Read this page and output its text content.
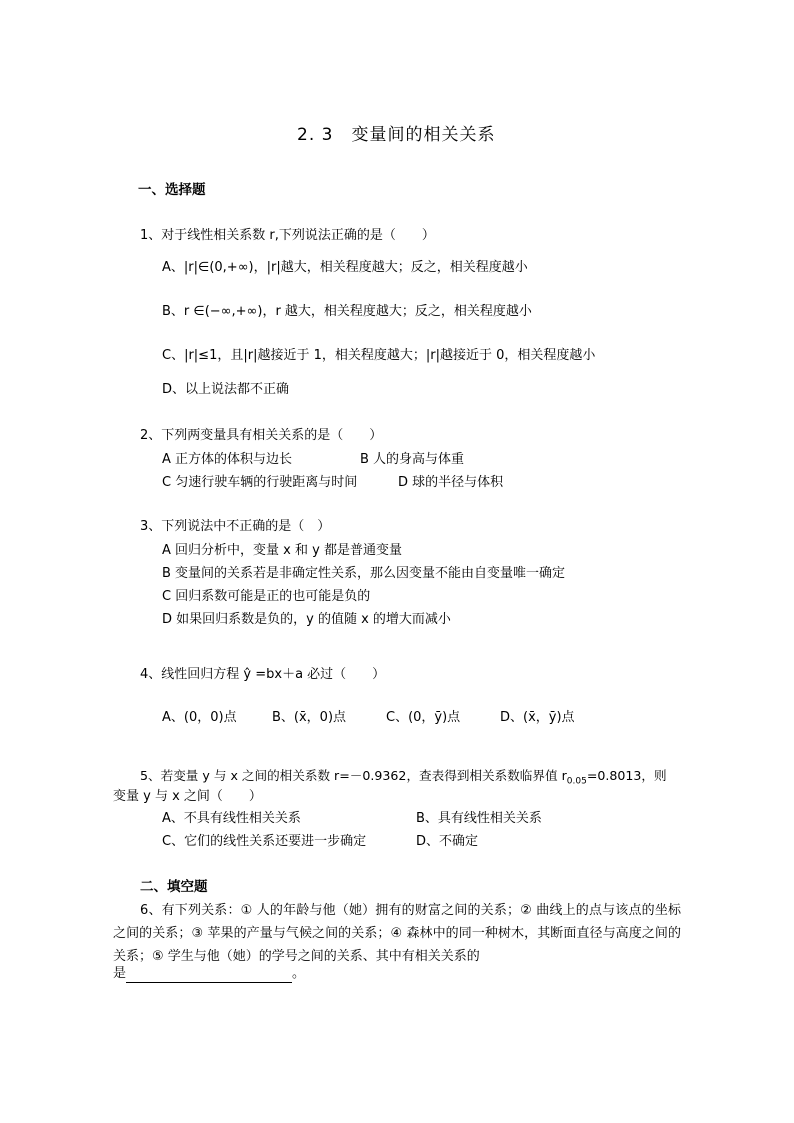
2. 3　变量间的相关关系
一、选择题
1、对于线性相关系数 r,下列说法正确的是（　　）
A、|r|∈(0,+∞)，|r|越大，相关程度越大；反之，相关程度越小
B、r ∈(−∞,+∞)，r 越大，相关程度越大；反之，相关程度越小
C、|r|≤1，且|r|越接近于 1，相关程度越大；|r|越接近于 0，相关程度越小
D、以上说法都不正确
2、下列两变量具有相关关系的是（　　）
A 正方体的体积与边长	B 人的身高与体重
C 匀速行驶车辆的行驶距离与时间	D 球的半径与体积
3、下列说法中不正确的是（　）
A 回归分析中，变量 x 和 y 都是普通变量
B 变量间的关系若是非确定性关系，那么因变量不能由自变量唯一确定
C 回归系数可能是正的也可能是负的
D 如果回归系数是负的，y 的值随 x 的增大而减小
4、线性回归方程 ŷ =bx＋a 必过（　　）
A、(0，0)点	B、(x̄，0)点	C、(0，ȳ)点	D、(x̄，ȳ)点
5、若变量 y 与 x 之间的相关系数 r=－0.9362，查表得到相关系数临界值 $r_{0.05}=0.8013$，则
变量 y 与 x 之间（　　）
A、不具有线性相关关系	B、具有线性相关关系
C、它们的线性关系还要进一步确定	D、不确定
二、填空题
6、有下列关系：① 人的年龄与他（她）拥有的财富之间的关系；② 曲线上的点与该点的坐标之间的关系；③ 苹果的产量与气候之间的关系；④ 森林中的同一种树木，其断面直径与高度之间的关系；⑤ 学生与他（她）的学号之间的关系、其中有相关关系的
是	。
